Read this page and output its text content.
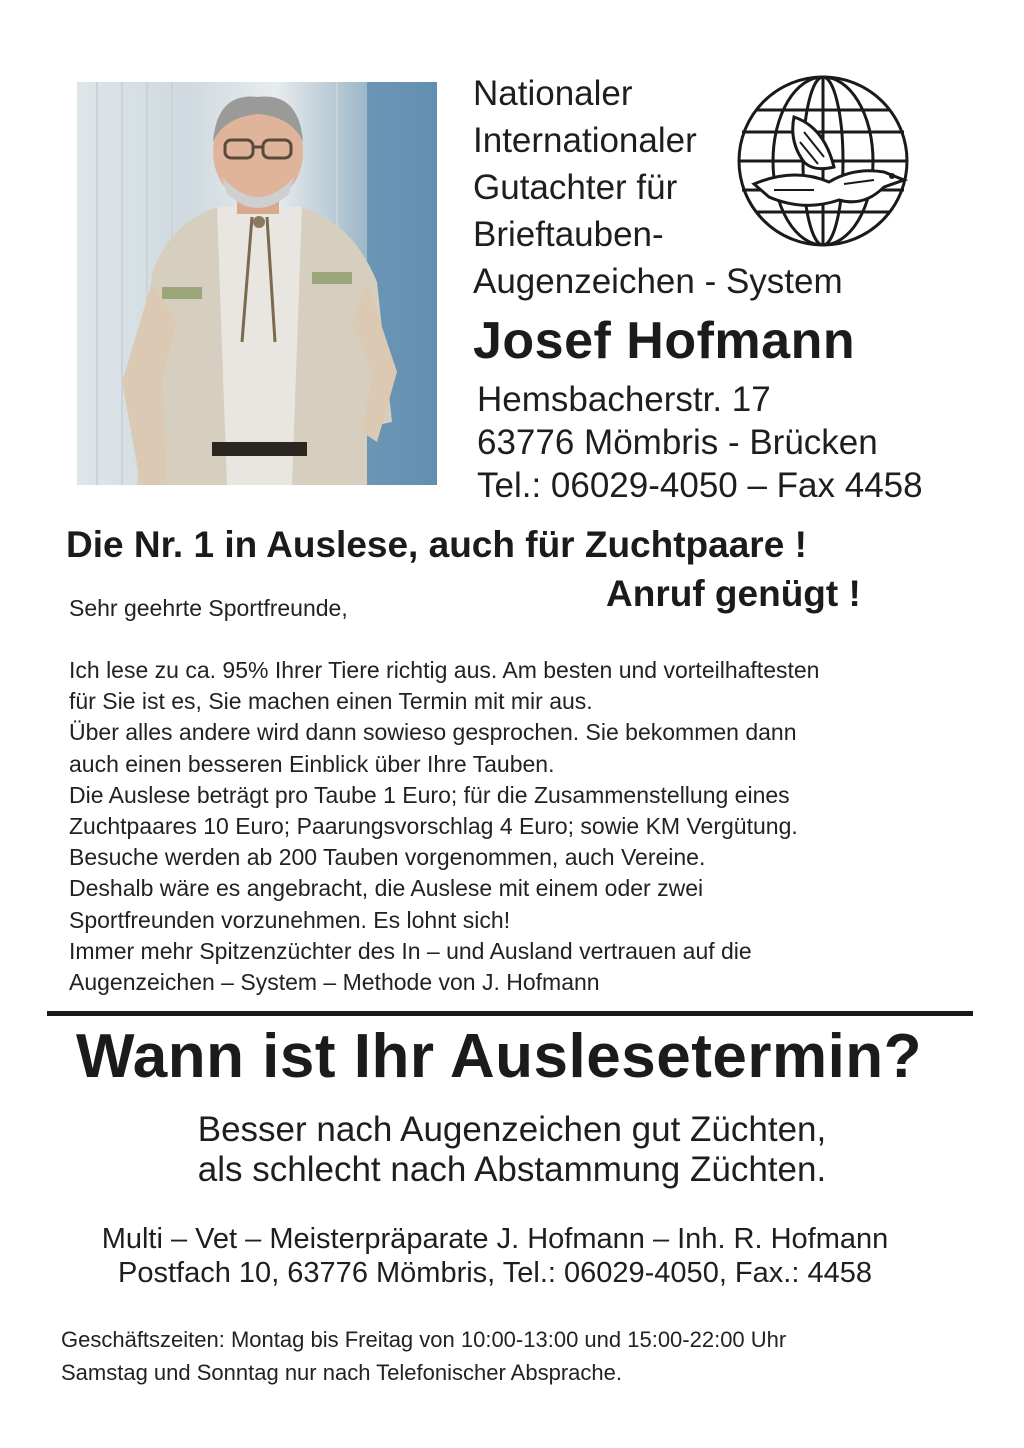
Nationaler
Internationaler
Gutachter für
Brieftauben-
Augenzeichen - System
Josef Hofmann
Hemsbacherstr. 17
63776 Mömbris - Brücken
Tel.: 06029-4050 – Fax 4458
Die Nr. 1 in Auslese, auch für Zuchtpaare !
Sehr geehrte Sportfreunde,	Anruf genügt !
Ich lese zu ca. 95% Ihrer Tiere richtig aus. Am besten und vorteilhaftesten
für Sie ist es, Sie machen einen Termin mit mir aus.
Über alles andere wird dann sowieso gesprochen. Sie bekommen dann
auch einen besseren Einblick über Ihre Tauben.
Die Auslese beträgt pro Taube 1 Euro; für die Zusammenstellung eines
Zuchtpaares 10 Euro; Paarungsvorschlag 4 Euro; sowie KM Vergütung.
Besuche werden ab 200 Tauben vorgenommen, auch Vereine.
Deshalb wäre es angebracht, die Auslese mit einem oder zwei
Sportfreunden vorzunehmen. Es lohnt sich!
Immer mehr Spitzenzüchter des In – und Ausland vertrauen auf die
Augenzeichen – System – Methode von J. Hofmann
Wann ist Ihr Auslesetermin?
Besser nach Augenzeichen gut Züchten,
als schlecht nach Abstammung Züchten.
Multi – Vet – Meisterpräparate J. Hofmann – Inh. R. Hofmann
Postfach 10, 63776 Mömbris, Tel.: 06029-4050, Fax.: 4458
Geschäftszeiten: Montag bis Freitag von 10:00-13:00 und 15:00-22:00 Uhr
Samstag und Sonntag nur nach Telefonischer Absprache.
